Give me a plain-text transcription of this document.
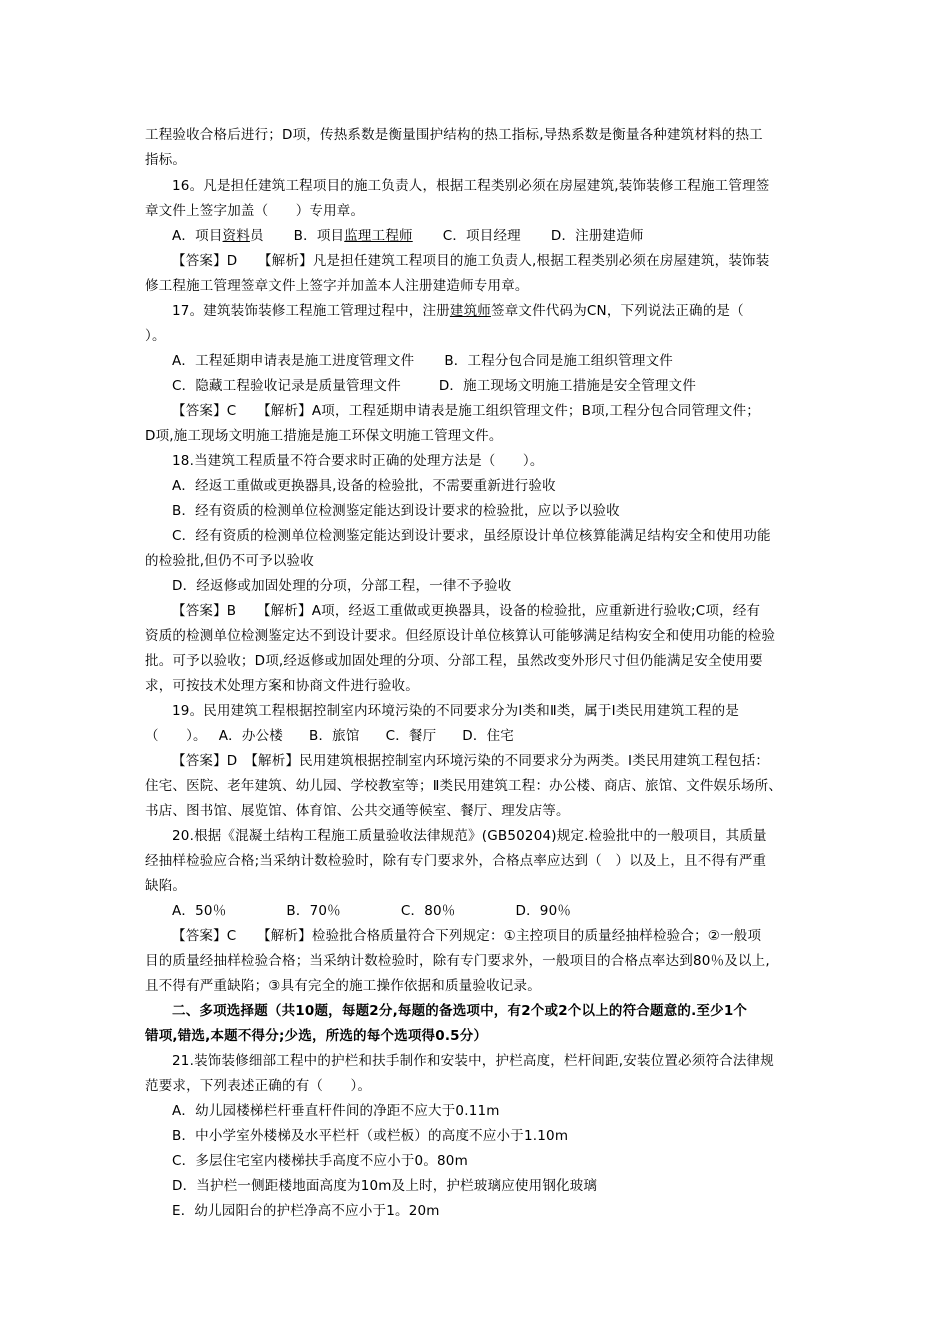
工程验收合格后进行；D项，传热系数是衡量围护结构的热工指标,导热系数是衡量各种建筑材料的热工
指标。
16。凡是担任建筑工程项目的施工负责人，根据工程类别必须在房屋建筑,装饰装修工程施工管理签
章文件上签字加盖（　　）专用章。
A．项目资料员 B．项目监理工程师 C．项目经理 D．注册建造师
【答案】D　　【解析】凡是担任建筑工程项目的施工负责人,根据工程类别必须在房屋建筑，装饰装
修工程施工管理签章文件上签字并加盖本人注册建造师专用章。
17。建筑装饰装修工程施工管理过程中，注册建筑师签章文件代码为CN，下列说法正确的是（
）。
A．工程延期申请表是施工进度管理文件 B．工程分包合同是施工组织管理文件
C．隐藏工程验收记录是质量管理文件	D．施工现场文明施工措施是安全管理文件
【答案】C　　【解析】A项，工程延期申请表是施工组织管理文件；B项,工程分包合同管理文件；
D项,施工现场文明施工措施是施工环保文明施工管理文件。
18.当建筑工程质量不符合要求时正确的处理方法是（　　）。
A．经返工重做或更换器具,设备的检验批，不需要重新进行验收
B．经有资质的检测单位检测鉴定能达到设计要求的检验批，应以予以验收
C．经有资质的检测单位检测鉴定能达到设计要求，虽经原设计单位核算能满足结构安全和使用功能
的检验批,但仍不可予以验收
D．经返修或加固处理的分项，分部工程，一律不予验收
【答案】B　　【解析】A项，经返工重做或更换器具，设备的检验批，应重新进行验收;C项，经有
资质的检测单位检测鉴定达不到设计要求。但经原设计单位核算认可能够满足结构安全和使用功能的检验
批。可予以验收；D项,经返修或加固处理的分项、分部工程，虽然改变外形尺寸但仍能满足安全使用要
求，可按技术处理方案和协商文件进行验收。
19。民用建筑工程根据控制室内环境污染的不同要求分为Ⅰ类和Ⅱ类，属于Ⅰ类民用建筑工程的是
（　　）。 A．办公楼 B．旅馆 C．餐厅 D．住宅
【答案】D　【解析】民用建筑根据控制室内环境污染的不同要求分为两类。Ⅰ类民用建筑工程包括：
住宅、医院、老年建筑、幼儿园、学校教室等；Ⅱ类民用建筑工程：办公楼、商店、旅馆、文件娱乐场所、
书店、图书馆、展览馆、体育馆、公共交通等候室、餐厅、理发店等。
20.根据《混凝土结构工程施工质量验收法律规范》(GB50204)规定.检验批中的一般项目，其质量
经抽样检验应合格;当采纳计数检验时，除有专门要求外，合格点率应达到（　）以及上，且不得有严重
缺陷。
A．50％	B．70％	C．80％	D．90％
【答案】C　　【解析】检验批合格质量符合下列规定：①主控项目的质量经抽样检验合；②一般项
目的质量经抽样检验合格；当采纳计数检验时，除有专门要求外，一般项目的合格点率达到80％及以上,
且不得有严重缺陷；③具有完全的施工操作依据和质量验收记录。
二、多项选择题（共10题，每题2分,每题的备选项中，有2个或2个以上的符合题意的.至少1个
错项,错选,本题不得分;少选，所选的每个选项得0.5分）
21.装饰装修细部工程中的护栏和扶手制作和安装中，护栏高度，栏杆间距,安装位置必须符合法律规
范要求，下列表述正确的有（　　）。
A．幼儿园楼梯栏杆垂直杆件间的净距不应大于0.11m
B．中小学室外楼梯及水平栏杆（或栏板）的高度不应小于1.10m
C．多层住宅室内楼梯扶手高度不应小于0。80m
D．当护栏一侧距楼地面高度为10m及上时，护栏玻璃应使用钢化玻璃
E．幼儿园阳台的护栏净高不应小于1。20m
